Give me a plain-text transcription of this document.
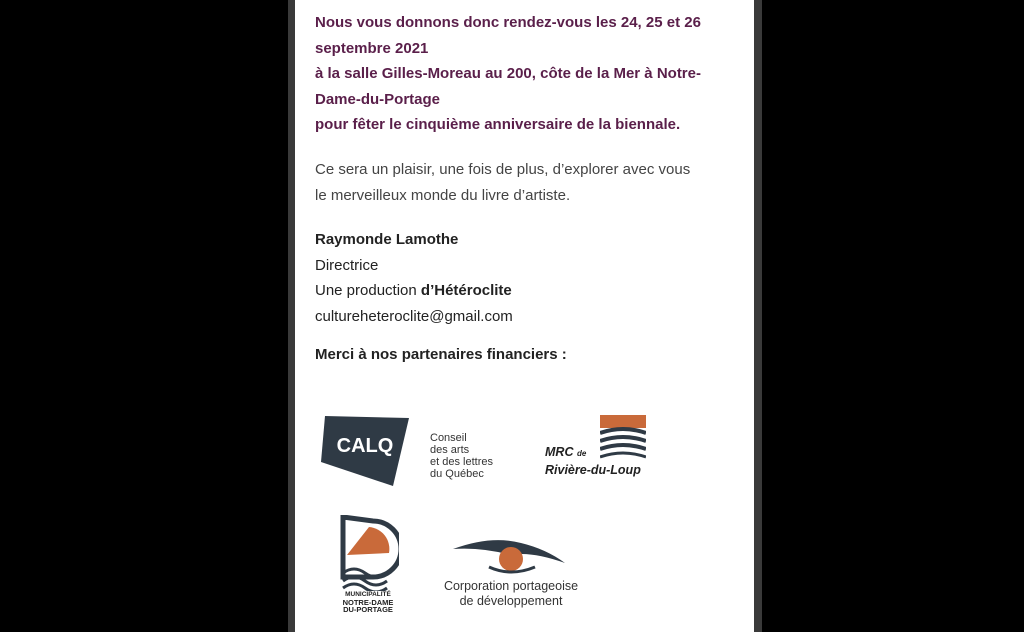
Nous vous donnons donc rendez-vous les 24, 25 et 26
septembre 2021
à la salle Gilles-Moreau au 200, côte de la Mer à Notre-
Dame-du-Portage
pour fêter le cinquième anniversaire de la biennale.
Ce sera un plaisir, une fois de plus, d’explorer avec vous
le merveilleux monde du livre d’artiste.
Raymonde Lamothe
Directrice
Une production d’Hétéroclite
cultureheteroclite@gmail.com
Merci à nos partenaires financiers :
CALQ	Conseil
des arts
et des lettres
du Québec
MRC de
Rivière-du-Loup
MUNICIPALITÉ
NOTRE-DAME
DU-PORTAGE
Corporation portageoise
de développement
